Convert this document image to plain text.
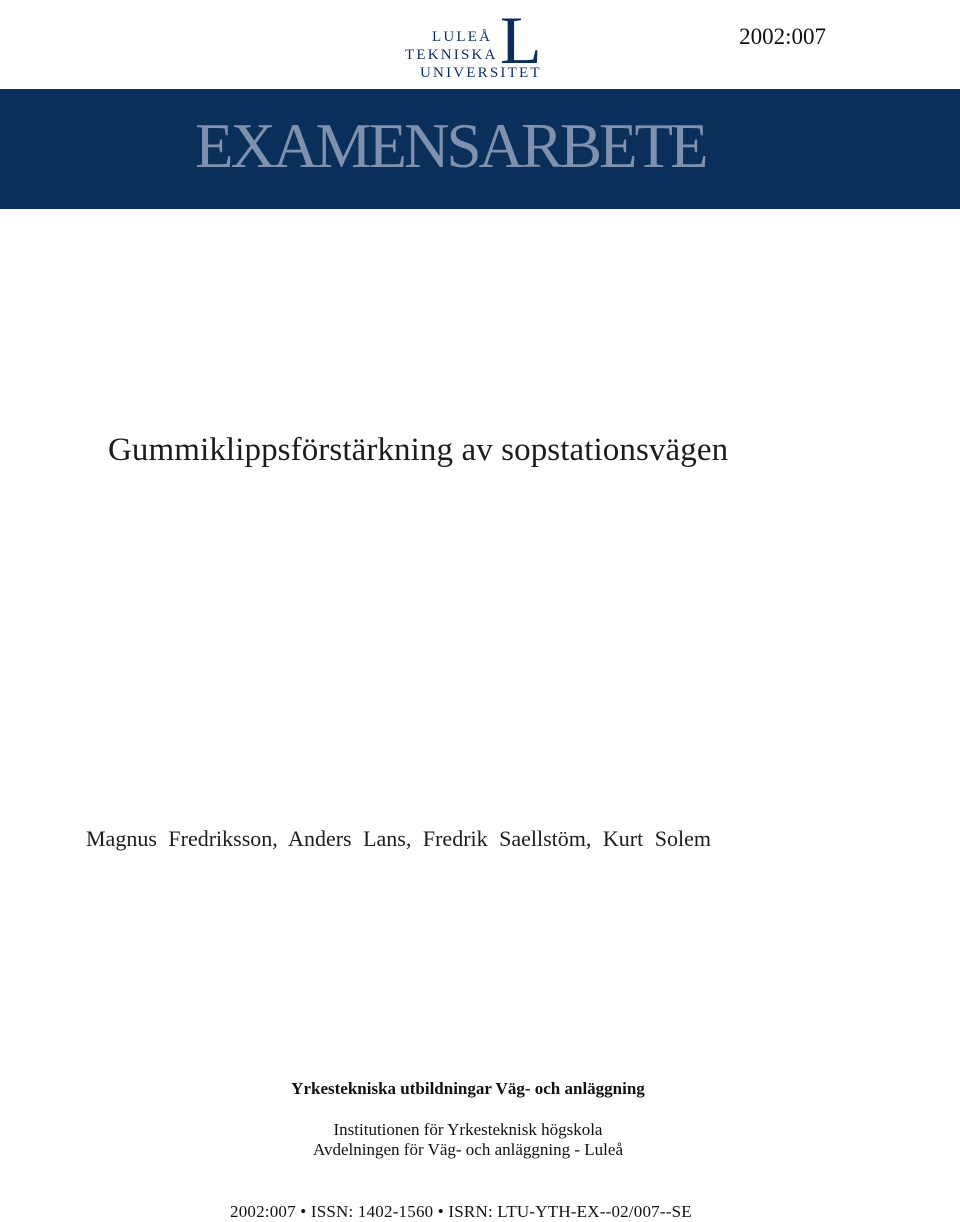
LULEÅ
TEKNISKA
UNIVERSITET
L	2002:007
EXAMENSARBETE
Gummiklippsförstärkning av sopstationsvägen
Magnus Fredriksson, Anders Lans, Fredrik Saellstöm, Kurt Solem
Yrkestekniska utbildningar Väg- och anläggning
Institutionen för Yrkesteknisk högskola
Avdelningen för Väg- och anläggning - Luleå
2002:007 • ISSN: 1402-1560 • ISRN: LTU-YTH-EX--02/007--SE
